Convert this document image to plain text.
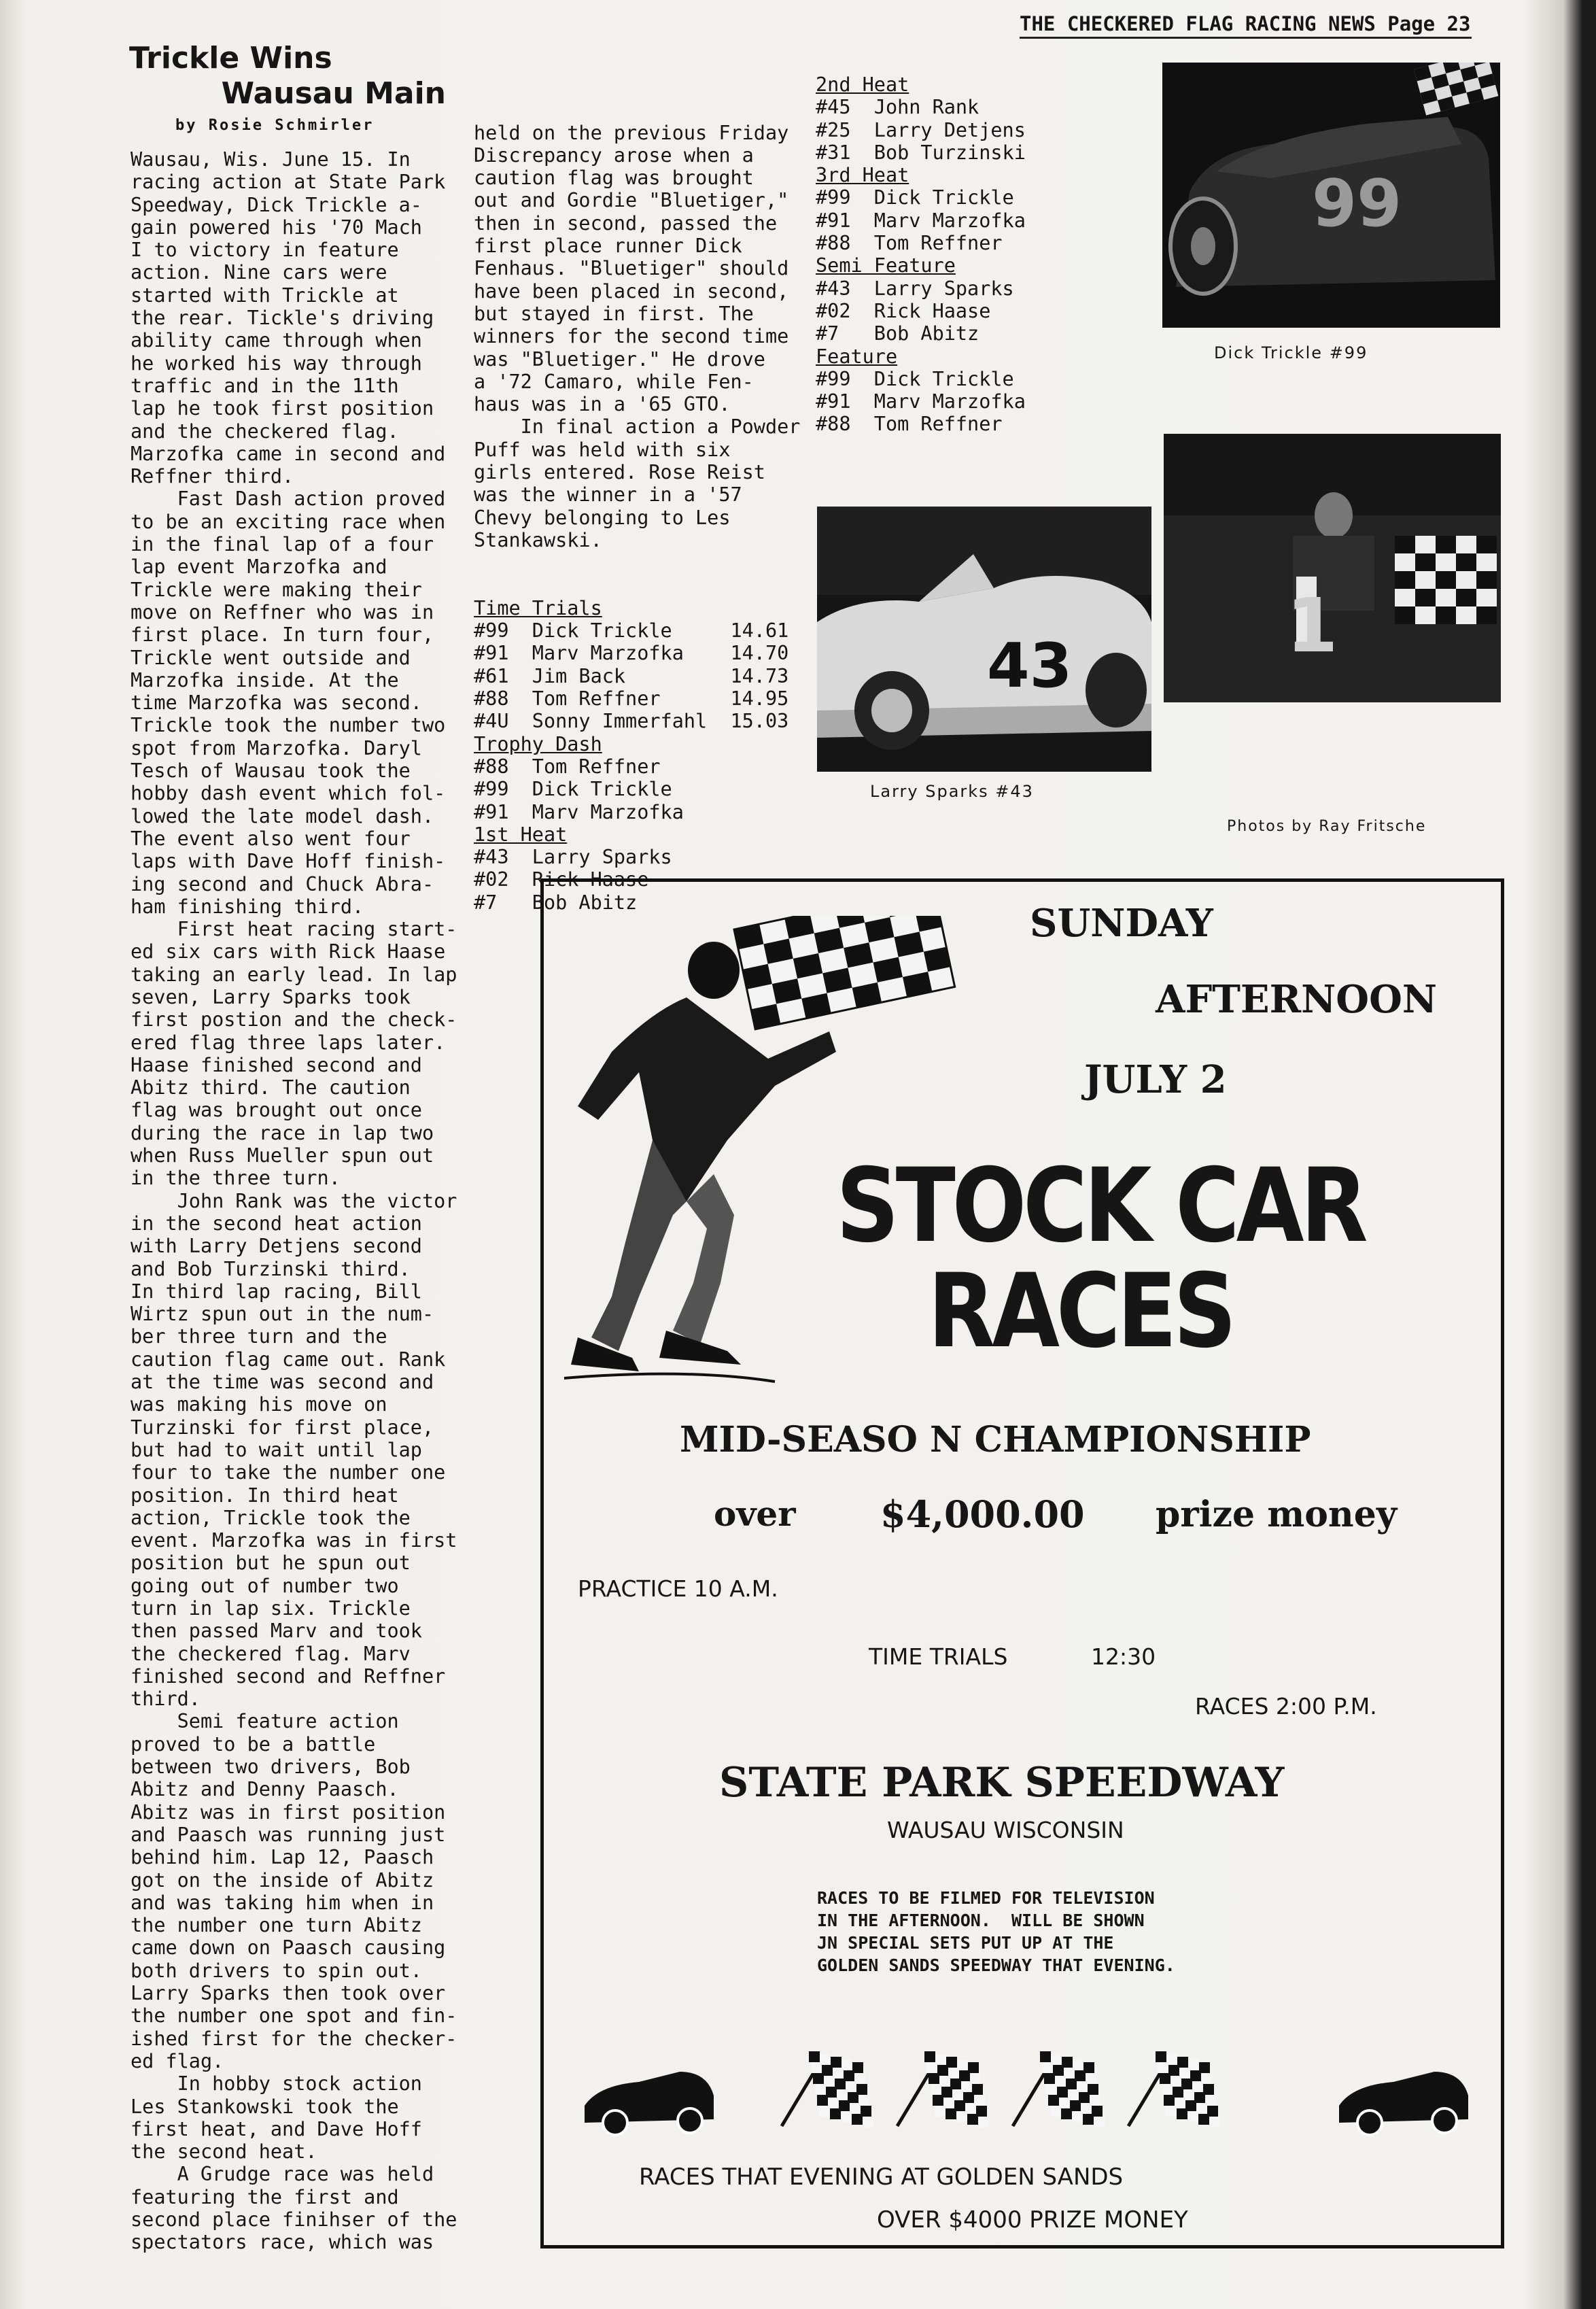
THE CHECKERED FLAG RACING NEWS Page 23
Trickle Wins
Wausau Main
by Rosie Schmirler
Wausau, Wis. June 15. In
racing action at State Park
Speedway, Dick Trickle a-
gain powered his '70 Mach
I to victory in feature
action. Nine cars were
started with Trickle at
the rear. Tickle's driving
ability came through when
he worked his way through
traffic and in the 11th
lap he took first position
and the checkered flag.
Marzofka came in second and
Reffner third.
Fast Dash action proved
to be an exciting race when
in the final lap of a four
lap event Marzofka and
Trickle were making their
move on Reffner who was in
first place. In turn four,
Trickle went outside and
Marzofka inside. At the
time Marzofka was second.
Trickle took the number two
spot from Marzofka. Daryl
Tesch of Wausau took the
hobby dash event which fol-
lowed the late model dash.
The event also went four
laps with Dave Hoff finish-
ing second and Chuck Abra-
ham finishing third.
First heat racing start-
ed six cars with Rick Haase
taking an early lead. In lap
seven, Larry Sparks took
first postion and the check-
ered flag three laps later.
Haase finished second and
Abitz third. The caution
flag was brought out once
during the race in lap two
when Russ Mueller spun out
in the three turn.
John Rank was the victor
in the second heat action
with Larry Detjens second
and Bob Turzinski third.
In third lap racing, Bill
Wirtz spun out in the num-
ber three turn and the
caution flag came out. Rank
at the time was second and
was making his move on
Turzinski for first place,
but had to wait until lap
four to take the number one
position. In third heat
action, Trickle took the
event. Marzofka was in first
position but he spun out
going out of number two
turn in lap six. Trickle
then passed Marv and took
the checkered flag. Marv
finished second and Reffner
third.
Semi feature action
proved to be a battle
between two drivers, Bob
Abitz and Denny Paasch.
Abitz was in first position
and Paasch was running just
behind him. Lap 12, Paasch
got on the inside of Abitz
and was taking him when in
the number one turn Abitz
came down on Paasch causing
both drivers to spin out.
Larry Sparks then took over
the number one spot and fin-
ished first for the checker-
ed flag.
In hobby stock action
Les Stankowski took the
first heat, and Dave Hoff
the second heat.
A Grudge race was held
featuring the first and
second place finihser of the
spectators race, which was

held on the previous Friday
Discrepancy arose when a
caution flag was brought
out and Gordie "Bluetiger,"
then in second, passed the
first place runner Dick
Fenhaus. "Bluetiger" should
have been placed in second,
but stayed in first. The
winners for the second time
was "Bluetiger." He drove
a '72 Camaro, while Fen-
haus was in a '65 GTO.
In final action a Powder
Puff was held with six
girls entered. Rose Reist
was the winner in a '57
Chevy belonging to Les
Stankawski.

Time Trials
#99  Dick Trickle     14.61
#91  Marv Marzofka    14.70
#61  Jim Back         14.73
#88  Tom Reffner      14.95
#4U  Sonny Immerfahl  15.03
Trophy Dash
#88  Tom Reffner
#99  Dick Trickle
#91  Marv Marzofka
1st Heat
#43  Larry Sparks
#02  Rick Haase
#7   Bob Abitz

2nd Heat
#45  John Rank
#25  Larry Detjens
#31  Bob Turzinski
3rd Heat
#99  Dick Trickle
#91  Marv Marzofka
#88  Tom Reffner
Semi Feature
#43  Larry Sparks
#02  Rick Haase
#7   Bob Abitz
Feature
#99  Dick Trickle
#91  Marv Marzofka
#88  Tom Reffner
99
Dick Trickle #99
43
Larry Sparks #43
1
Photos by Ray Fritsche
SUNDAY
AFTERNOON
JULY 2
STOCK CAR
RACES
MID-SEASO N CHAMPIONSHIP
over $4,000.00 prize money
PRACTICE 10 A.M.
TIME TRIALS	12:30
RACES 2:00 P.M.
STATE PARK SPEEDWAY
WAUSAU WISCONSIN
RACES TO BE FILMED FOR TELEVISION
IN THE AFTERNOON.  WILL BE SHOWN
JN SPECIAL SETS PUT UP AT THE
GOLDEN SANDS SPEEDWAY THAT EVENING.
RACES THAT EVENING AT GOLDEN SANDS
OVER $4000 PRIZE MONEY
